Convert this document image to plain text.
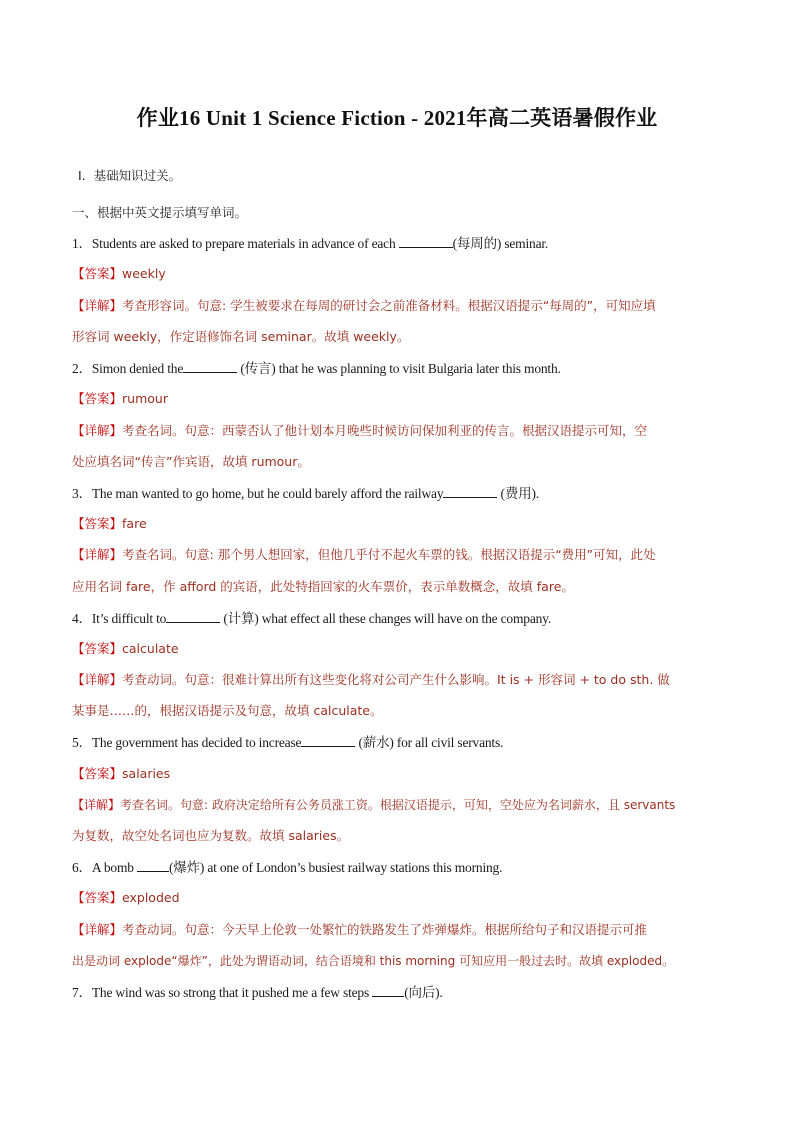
作业16 Unit 1 Science Fiction - 2021年高二英语暑假作业
I. 基础知识过关。
一、根据中英文提示填写单词。
1．Students are asked to prepare materials in advance of each	(每周的) seminar.
【答案】weekly
【详解】考查形容词。句意: 学生被要求在每周的研讨会之前准备材料。根据汉语提示“每周的”，可知应填
形容词 weekly，作定语修饰名词 seminar。故填 weekly。
2．Simon denied the	(传言) that he was planning to visit Bulgaria later this month.
【答案】rumour
【详解】考查名词。句意：西蒙否认了他计划本月晚些时候访问保加利亚的传言。根据汉语提示可知，空
处应填名词“传言”作宾语，故填 rumour。
3．The man wanted to go home, but he could barely afford the railway	(费用).
【答案】fare
【详解】考查名词。句意: 那个男人想回家，但他几乎付不起火车票的钱。根据汉语提示“费用”可知，此处
应用名词 fare，作 afford 的宾语，此处特指回家的火车票价，表示单数概念，故填 fare。
4．It’s difficult to	(计算) what effect all these changes will have on the company.
【答案】calculate
【详解】考查动词。句意：很难计算出所有这些变化将对公司产生什么影响。It is + 形容词 + to do sth. 做
某事是……的，根据汉语提示及句意，故填 calculate。
5．The government has decided to increase	(薪水) for all civil servants.
【答案】salaries
【详解】考查名词。句意: 政府决定给所有公务员涨工资。根据汉语提示，可知，空处应为名词薪水，且 servants
为复数，故空处名词也应为复数。故填 salaries。
6．A bomb (爆炸) at one of London’s busiest railway stations this morning.
【答案】exploded
【详解】考查动词。句意：今天早上伦敦一处繁忙的铁路发生了炸弹爆炸。根据所给句子和汉语提示可推
出是动词 explode“爆炸”，此处为谓语动词，结合语境和 this morning 可知应用一般过去时。故填 exploded。
7．The wind was so strong that it pushed me a few steps (向后).
